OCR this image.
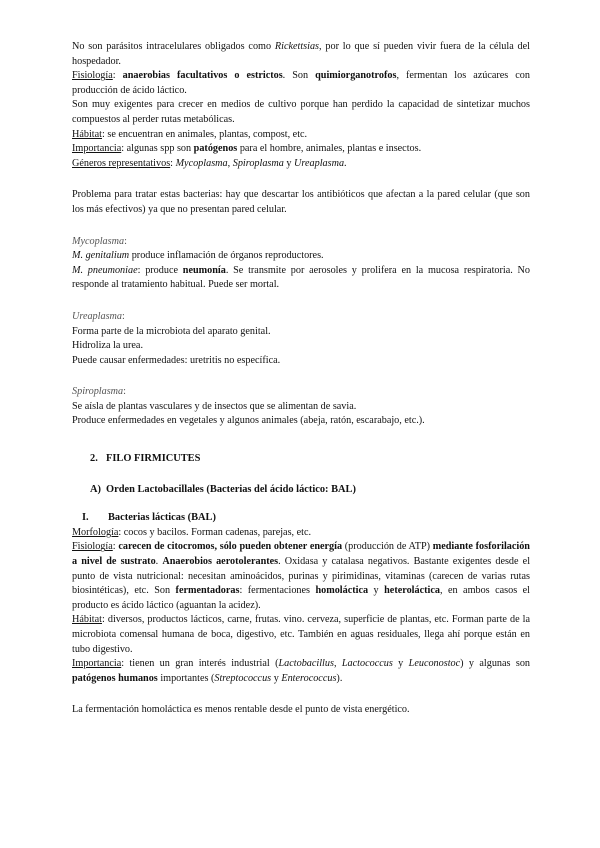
No son parásitos intracelulares obligados como Rickettsias, por lo que sí pueden vivir fuera de la célula del hospedador.

Fisiología: anaerobias facultativos o estrictos. Son quimiorganotrofos, fermentan los azúcares con producción de ácido láctico.

Son muy exigentes para crecer en medios de cultivo porque han perdido la capacidad de sintetizar muchos compuestos al perder rutas metabólicas.

Hábitat: se encuentran en animales, plantas, compost, etc.

Importancia: algunas spp son patógenos para el hombre, animales, plantas e insectos.

Géneros representativos: Mycoplasma, Spiroplasma y Ureaplasma.

Problema para tratar estas bacterias: hay que descartar los antibióticos que afectan a la pared celular (que son los más efectivos) ya que no presentan pared celular.

Mycoplasma:

M. genitalium produce inflamación de órganos reproductores.

M. pneumoniae: produce neumonía. Se transmite por aerosoles y prolifera en la mucosa respiratoria. No responde al tratamiento habitual. Puede ser mortal.

Ureaplasma:

Forma parte de la microbiota del aparato genital.

Hidroliza la urea.

Puede causar enfermedades: uretritis no específica.

Spiroplasma:

Se aísla de plantas vasculares y de insectos que se alimentan de savia.

Produce enfermedades en vegetales y algunos animales (abeja, ratón, escarabajo, etc.).

2. FILO FIRMICUTES

A) Orden Lactobacillales (Bacterias del ácido láctico: BAL)

I. Bacterias lácticas (BAL)

Morfología: cocos y bacilos. Forman cadenas, parejas, etc.

Fisiología: carecen de citocromos, sólo pueden obtener energía (producción de ATP) mediante fosforilación a nivel de sustrato. Anaerobios aerotolerantes. Oxidasa y catalasa negativos. Bastante exigentes desde el punto de vista nutricional: necesitan aminoácidos, purinas y pirimidinas, vitaminas (carecen de varias rutas biosintéticas), etc. Son fermentadoras: fermentaciones homoláctica y heteroláctica, en ambos casos el producto es ácido láctico (aguantan la acidez).

Hábitat: diversos, productos lácticos, carne, frutas. vino. cerveza, superficie de plantas, etc. Forman parte de la microbiota comensal humana de boca, digestivo, etc. También en aguas residuales, llega ahí porque están en tubo digestivo.

Importancia: tienen un gran interés industrial (Lactobacillus, Lactococcus y Leuconostoc) y algunas son patógenos humanos importantes (Streptococcus y Enterococcus).

La fermentación homoláctica es menos rentable desde el punto de vista energético.
